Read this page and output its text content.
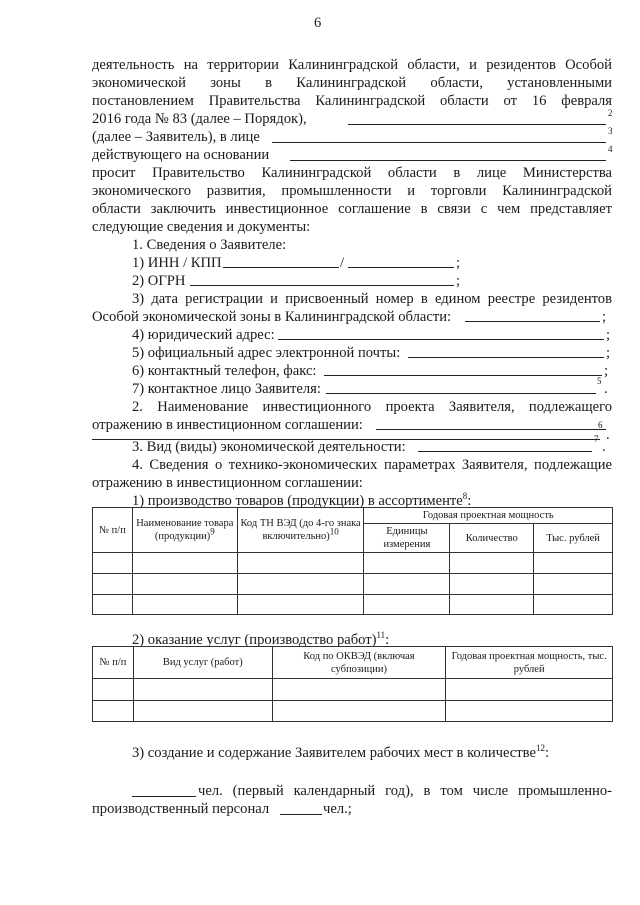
6
деятельность на территории Калининградской области, и резидентов Особой
экономической зоны в Калининградской области, установленными
постановлением Правительства Калининградской области от 16 февраля
2016 года № 83 (далее – Порядок),	2
(далее – Заявитель), в лице	3
действующего на основании	4
просит Правительство Калининградской области в лице Министерства
экономического развития, промышленности и торговли Калининградской
области заключить инвестиционное соглашение в связи с чем представляет
следующие сведения и документы:
1. Сведения о Заявителе:
1) ИНН / КПП	/	;
2) ОГРН	;
3) дата регистрации и присвоенный номер в едином реестре резидентов
Особой экономической зоны в Калининградской области:	;
4) юридический адрес:	;
5) официальный адрес электронной почты:	;
6) контактный телефон, факс:	;
7) контактное лицо Заявителя:	5 .
2. Наименование инвестиционного проекта Заявителя, подлежащего
отражению в инвестиционном соглашении:	6
.
3. Вид (виды) экономической деятельности:	7 .
4. Сведения о технико-экономических параметрах Заявителя, подлежащие
отражению в инвестиционном соглашении:
1) производство товаров (продукции) в ассортименте$^8$:
№ п/п	Наименование товара (продукции)$^9$	Код ТН ВЭД (до 4-го знака включительно)$^{10}$	Годовая проектная мощность		
			Единицы измерения	Количество	Тыс. рублей

2) оказание услуг (производство работ)$^{11}$:
№ п/п	Вид услуг (работ)	Код по ОКВЭД (включая субпозиции)	Годовая проектная мощность, тыс. рублей

3) создание и содержание Заявителем рабочих мест в количестве$^{12}$:
чел. (первый календарный год), в том числе промышленно-
производственный персонал	чел.;
